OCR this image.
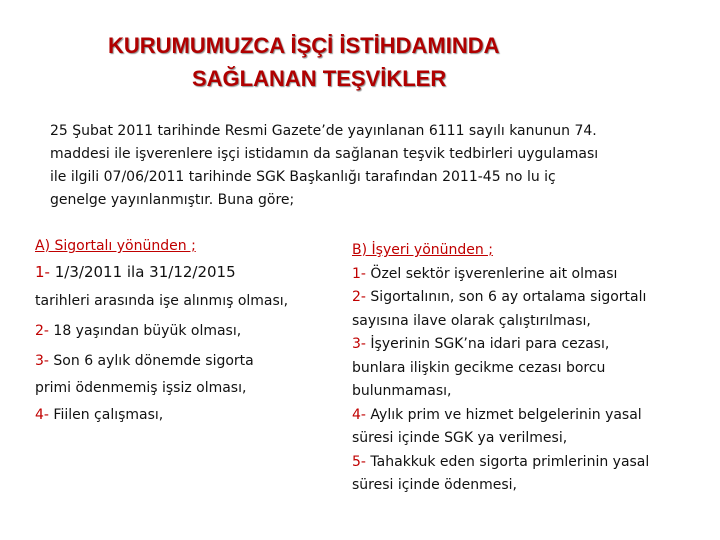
KURUMUMUZCA İŞÇİ İSTİHDAMINDA
SAĞLANAN TEŞVİKLER
25 Şubat 2011 tarihinde Resmi Gazete’de yayınlanan 6111 sayılı kanunun 74.
maddesi ile işverenlere işçi istidamın da sağlanan teşvik tedbirleri uygulaması
ile ilgili 07/06/2011 tarihinde SGK Başkanlığı tarafından 2011-45 no lu iç
genelge yayınlanmıştır. Buna göre;
A) Sigortalı yönünden ;
1- 1/3/2011 ila 31/12/2015
tarihleri arasında işe alınmış olması,
2- 18 yaşından büyük olması,
3- Son 6 aylık dönemde sigorta
primi ödenmemiş işsiz olması,
4- Fiilen çalışması,
B) İşyeri yönünden ;
1- Özel sektör işverenlerine ait olması
2- Sigortalının, son 6 ay ortalama sigortalı
sayısına ilave olarak çalıştırılması,
3- İşyerinin SGK’na idari para cezası,
bunlara ilişkin gecikme cezası borcu
bulunmaması,
4- Aylık prim ve hizmet belgelerinin yasal
süresi içinde SGK ya verilmesi,
5- Tahakkuk eden sigorta primlerinin yasal
süresi içinde ödenmesi,
